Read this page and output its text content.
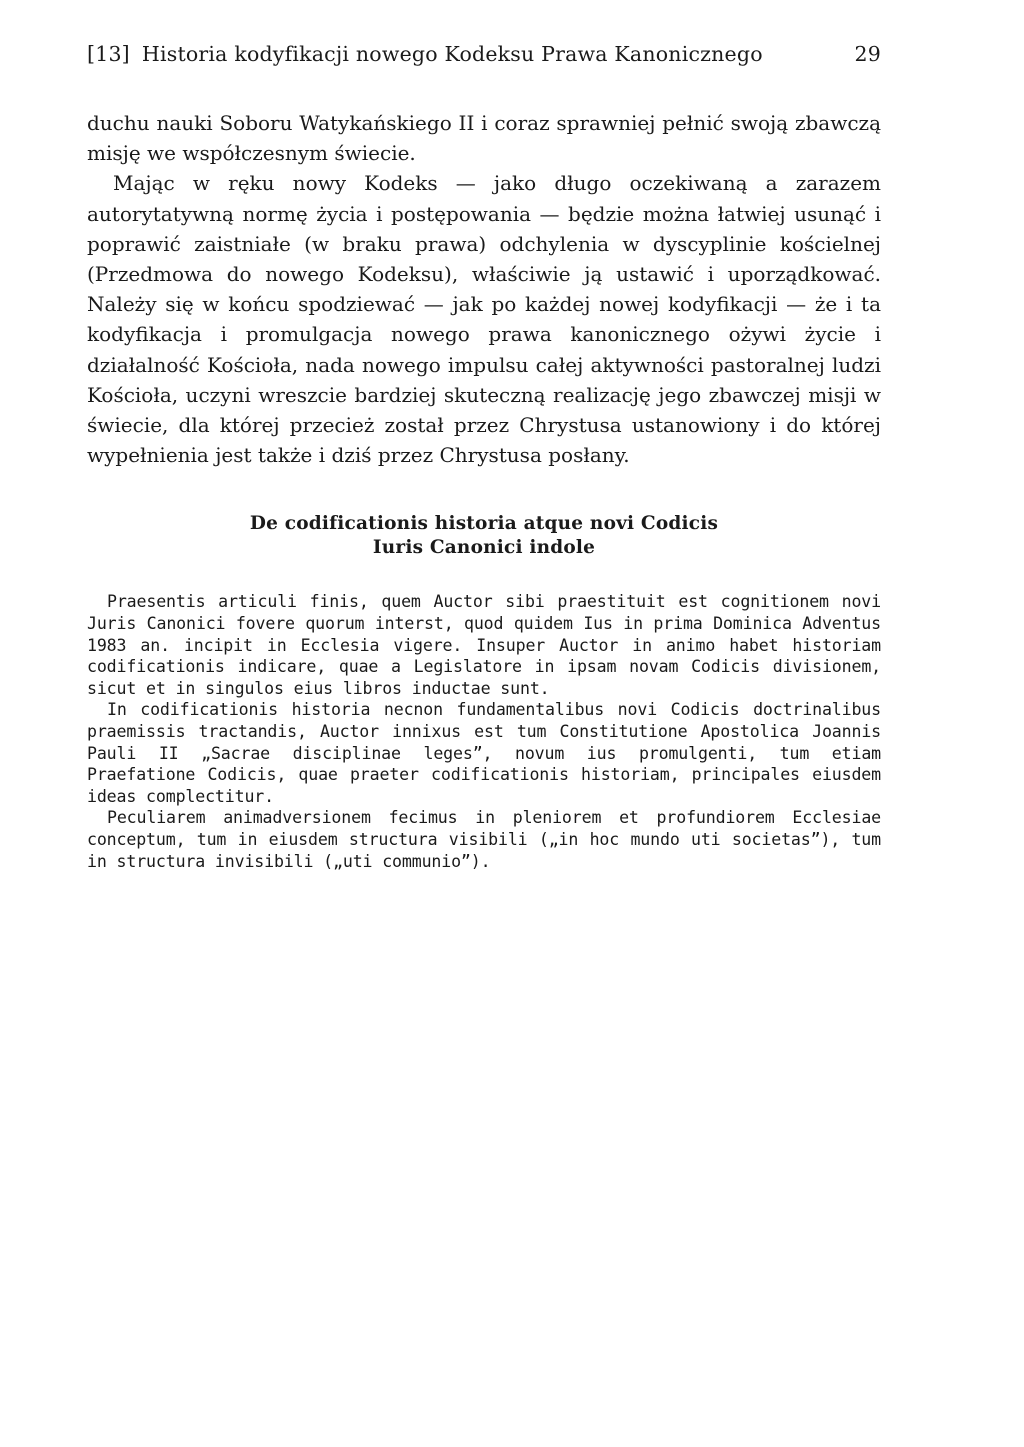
[13] Historia kodyfikacji nowego Kodeksu Prawa Kanonicznego	29

duchu nauki Soboru Watykańskiego II i coraz sprawniej pełnić swoją zbawczą misję we współczesnym świecie.

Mając w ręku nowy Kodeks — jako długo oczekiwaną a zarazem autorytatywną normę życia i postępowania — będzie można łatwiej usunąć i poprawić zaistniałe (w braku prawa) odchylenia w dyscyplinie kościelnej (Przedmowa do nowego Kodeksu), właściwie ją ustawić i uporządkować. Należy się w końcu spodziewać — jak po każdej nowej kodyfikacji — że i ta kodyfikacja i promulgacja nowego prawa kanonicznego ożywi życie i działalność Kościoła, nada nowego impulsu całej aktywności pastoralnej ludzi Kościoła, uczyni wreszcie bardziej skuteczną realizację jego zbawczej misji w świecie, dla której przecież został przez Chrystusa ustanowiony i do której wypełnienia jest także i dziś przez Chrystusa posłany.

De codificationis historia atque novi Codicis
Iuris Canonici indole

Praesentis articuli finis, quem Auctor sibi praestituit est cognitionem novi Juris Canonici fovere quorum interst, quod quidem Ius in prima Dominica Adventus 1983 an. incipit in Ecclesia vigere. Insuper Auctor in animo habet historiam codificationis indicare, quae a Legislatore in ipsam novam Codicis divisionem, sicut et in singulos eius libros inductae sunt.

In codificationis historia necnon fundamentalibus novi Codicis doctrinalibus praemissis tractandis, Auctor innixus est tum Constitutione Apostolica Joannis Pauli II „Sacrae disciplinae leges”, novum ius promulgenti, tum etiam Praefatione Codicis, quae praeter codificationis historiam, principales eiusdem ideas complectitur.

Peculiarem animadversionem fecimus in pleniorem et profundiorem Ecclesiae conceptum, tum in eiusdem structura visibili („in hoc mundo uti societas”), tum in structura invisibili („uti communio”).
